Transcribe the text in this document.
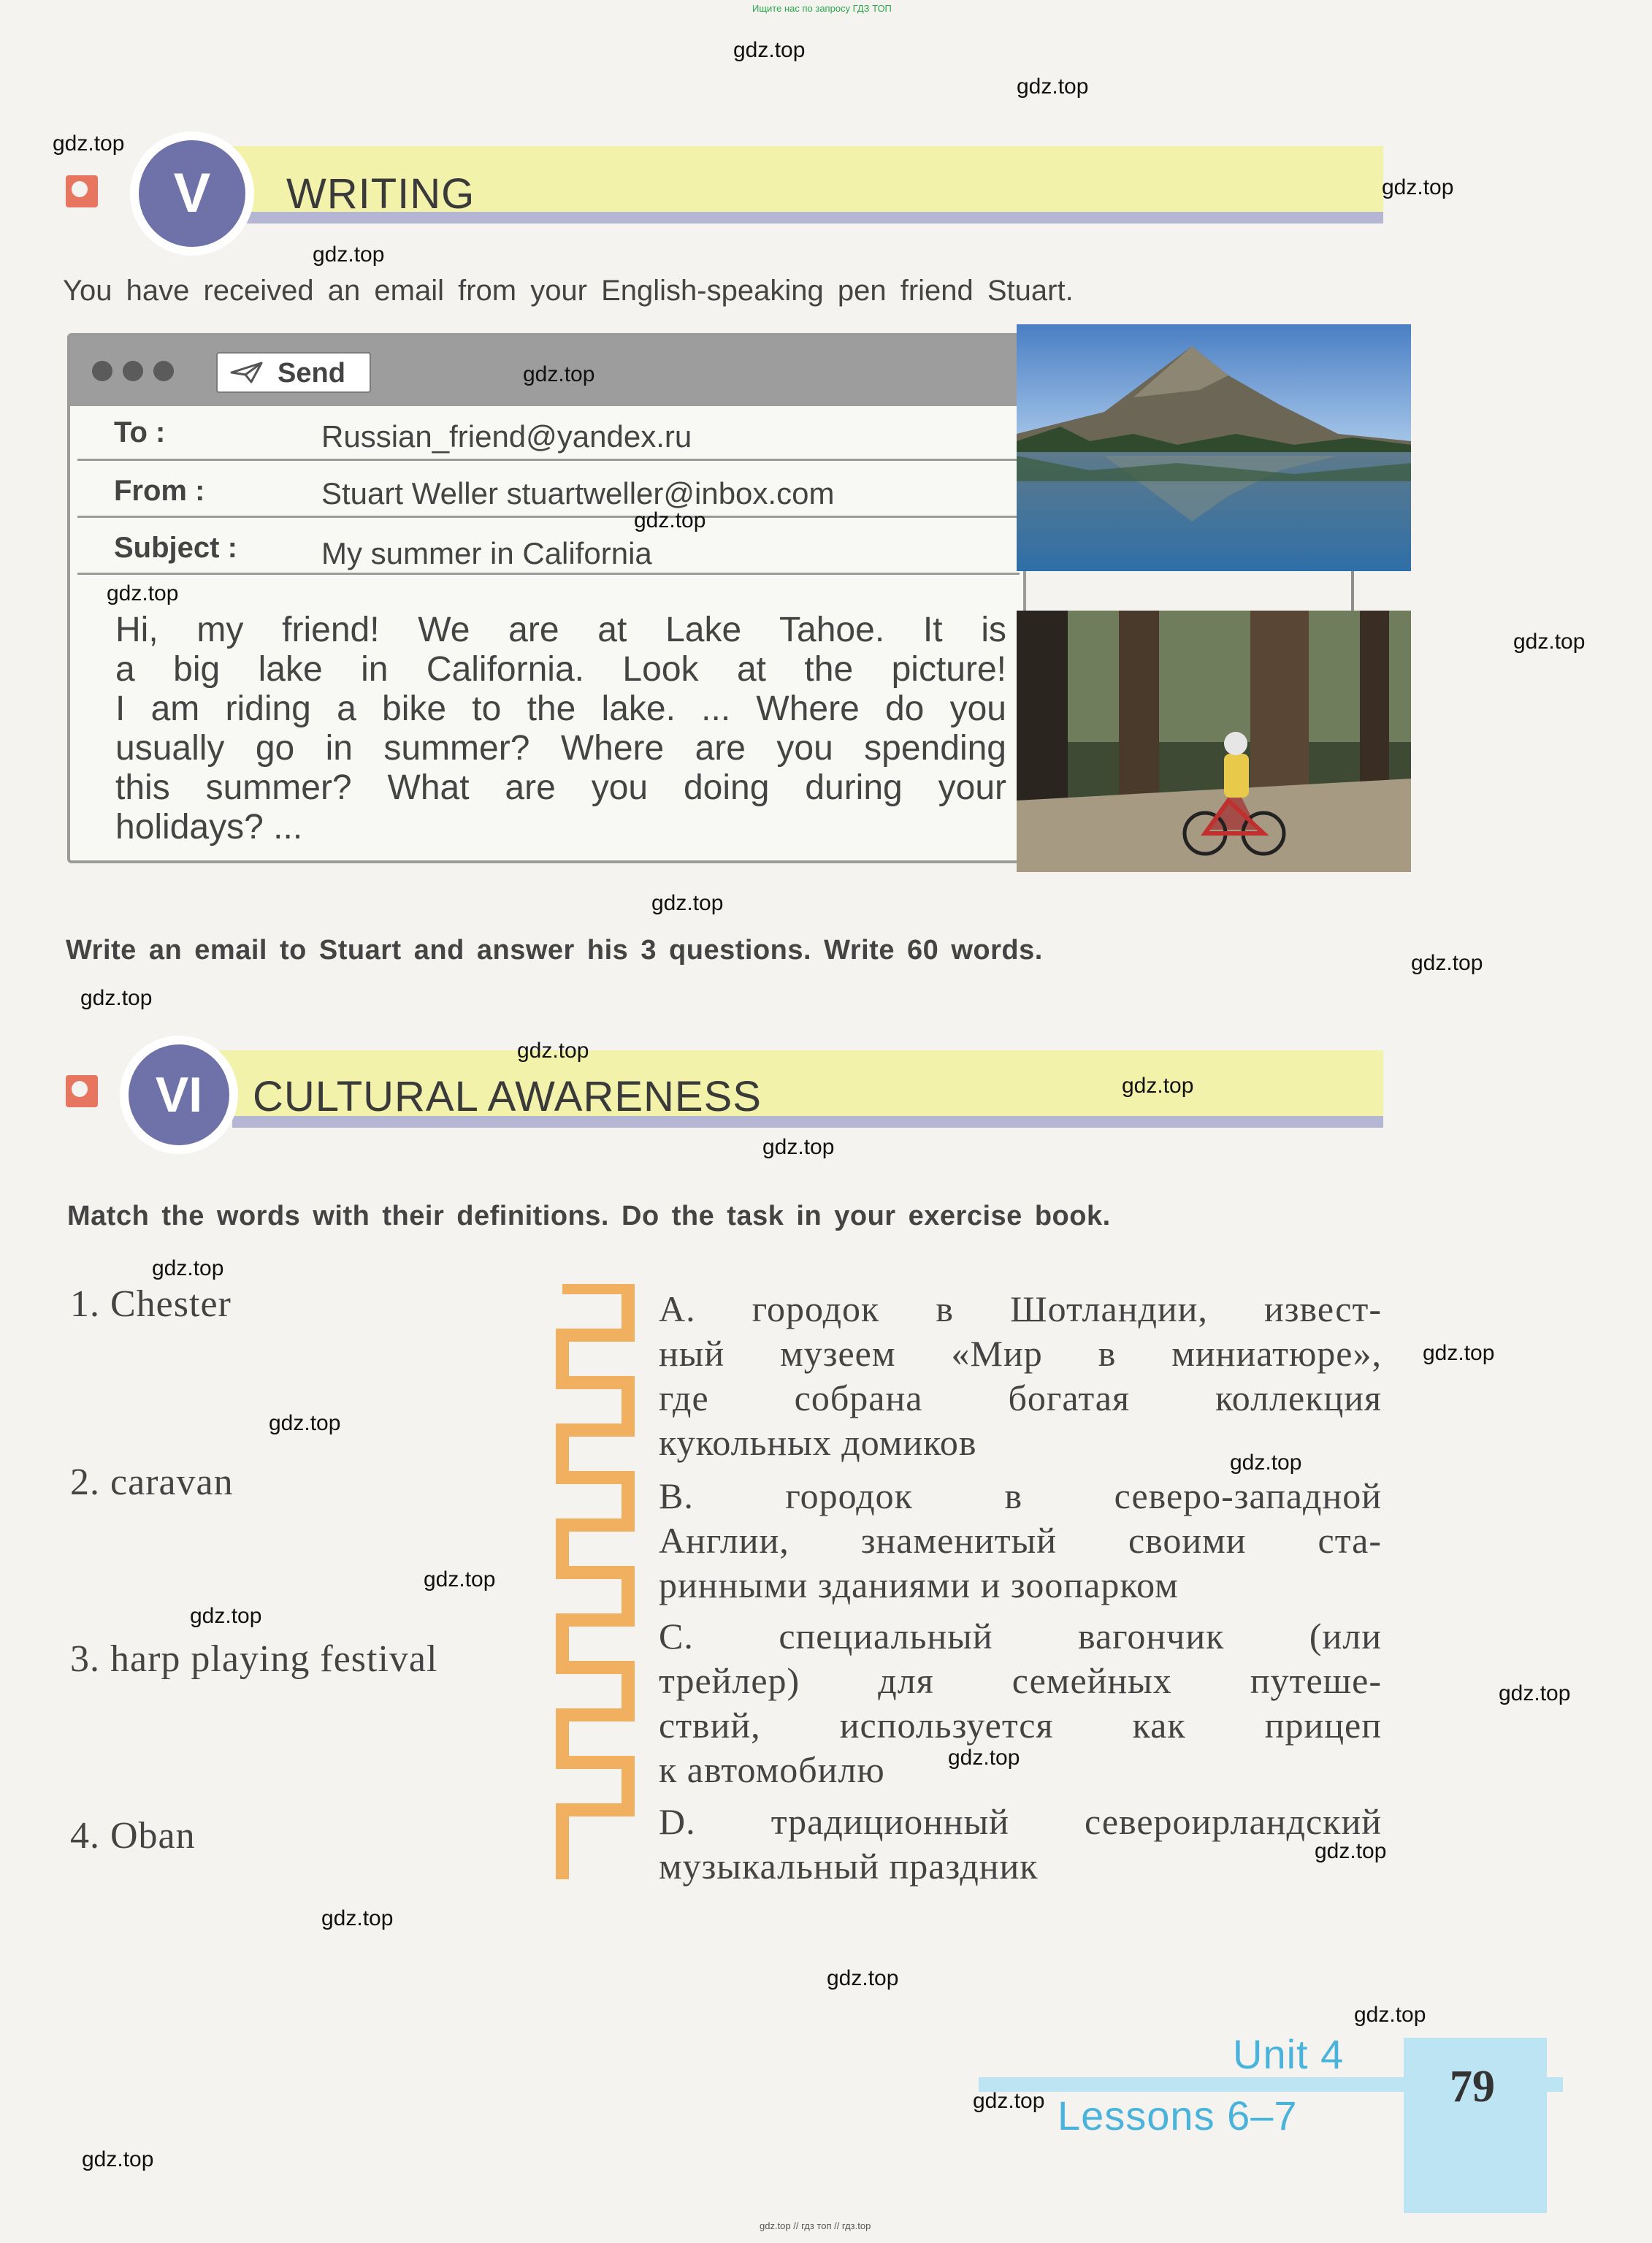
Ищите нас по запросу ГДЗ ТОП
gdz.top // гдз топ // гдз.top
V	WRITING
You have received an email from your English-speaking pen friend Stuart.
Send
To :	Russian_friend@yandex.ru
From :	Stuart Weller stuartweller@inbox.com
Subject :	My summer in California
Hi, my friend! We are at Lake Tahoe. It is
a big lake in California. Look at the picture!
I am riding a bike to the lake. ... Where do you
usually go in summer? Where are you spending
this summer? What are you doing during your
holidays? ...
Write an email to Stuart and answer his 3 questions. Write 60 words.
VI	CULTURAL AWARENESS
Match the words with their definitions. Do the task in your exercise book.
1. Chester
2. caravan
3. harp playing festival
4. Oban
A. городок в Шотландии, извест-
ный музеем «Мир в миниатюре»,
где собрана богатая коллекция
кукольных домиков
B. городок в северо-западной
Англии, знаменитый своими ста-
ринными зданиями и зоопарком
C. специальный вагончик (или
трейлер) для семейных путеше-
ствий, используется как прицеп
к автомобилю
D. традиционный североирландский
музыкальный праздник
Unit 4
Lessons 6–7
79
gdz.top
gdz.top
gdz.top
gdz.top
gdz.top
gdz.top
gdz.top
gdz.top
gdz.top
gdz.top
gdz.top
gdz.top
gdz.top
gdz.top
gdz.top
gdz.top
gdz.top
gdz.top
gdz.top
gdz.top
gdz.top
gdz.top
gdz.top
gdz.top
gdz.top
gdz.top
gdz.top
gdz.top
gdz.top
